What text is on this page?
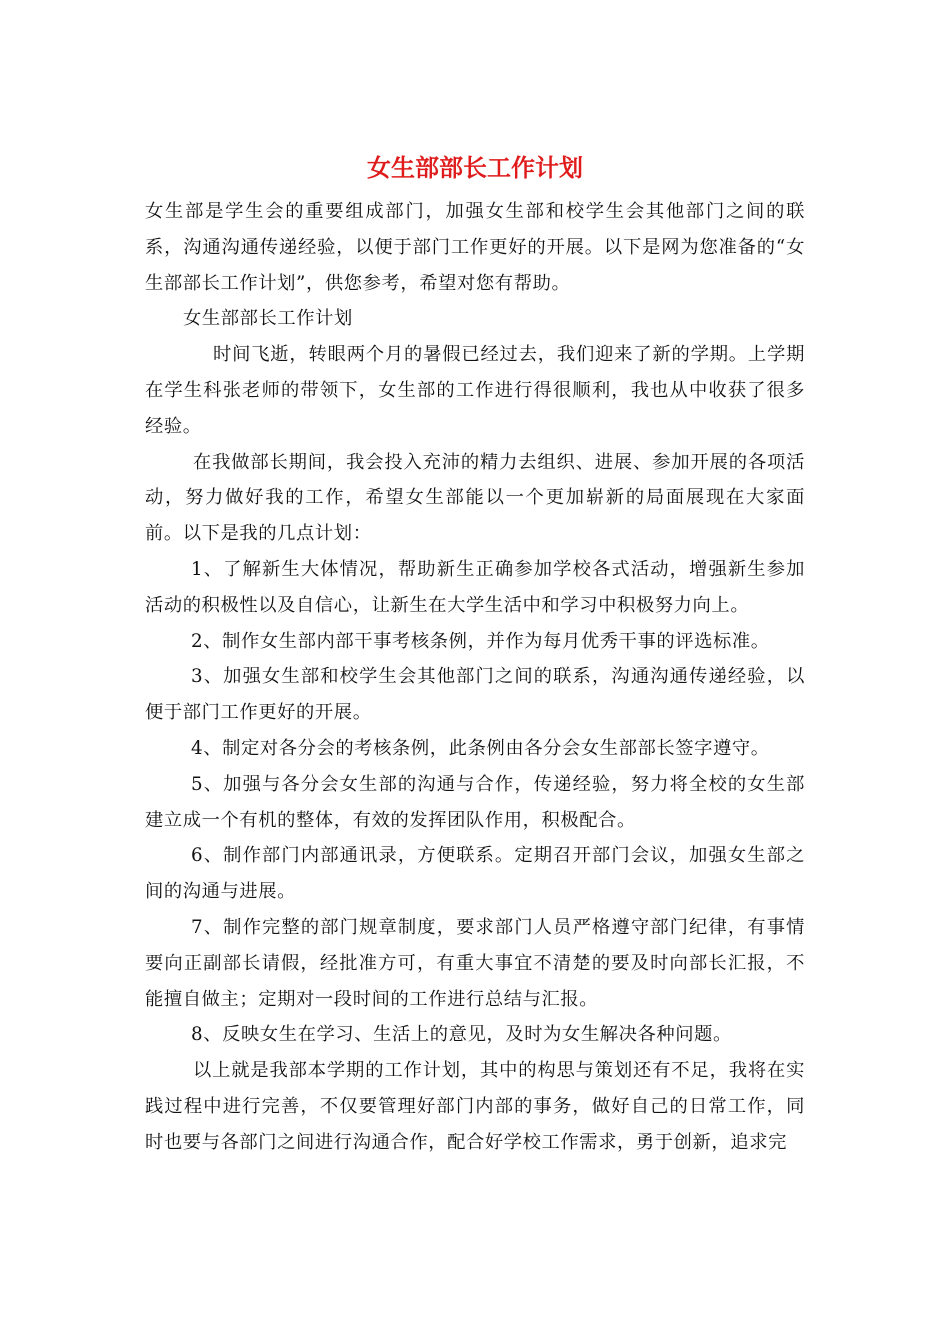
女生部部长工作计划

女生部是学生会的重要组成部门，加强女生部和校学生会其他部门之间的联系，沟通沟通传递经验，以便于部门工作更好的开展。以下是网为您准备的“女生部部长工作计划”，供您参考，希望对您有帮助。

女生部部长工作计划

时间飞逝，转眼两个月的暑假已经过去，我们迎来了新的学期。上学期在学生科张老师的带领下，女生部的工作进行得很顺利，我也从中收获了很多经验。

在我做部长期间，我会投入充沛的精力去组织、进展、参加开展的各项活动，努力做好我的工作，希望女生部能以一个更加崭新的局面展现在大家面前。以下是我的几点计划：

1、了解新生大体情况，帮助新生正确参加学校各式活动，增强新生参加活动的积极性以及自信心，让新生在大学生活中和学习中积极努力向上。

2、制作女生部内部干事考核条例，并作为每月优秀干事的评选标准。

3、加强女生部和校学生会其他部门之间的联系，沟通沟通传递经验，以便于部门工作更好的开展。

4、制定对各分会的考核条例，此条例由各分会女生部部长签字遵守。

5、加强与各分会女生部的沟通与合作，传递经验，努力将全校的女生部建立成一个有机的整体，有效的发挥团队作用，积极配合。

6、制作部门内部通讯录，方便联系。定期召开部门会议，加强女生部之间的沟通与进展。

7、制作完整的部门规章制度，要求部门人员严格遵守部门纪律，有事情要向正副部长请假，经批准方可，有重大事宜不清楚的要及时向部长汇报，不能擅自做主；定期对一段时间的工作进行总结与汇报。

8、反映女生在学习、生活上的意见，及时为女生解决各种问题。

以上就是我部本学期的工作计划，其中的构思与策划还有不足，我将在实践过程中进行完善，不仅要管理好部门内部的事务，做好自己的日常工作，同时也要与各部门之间进行沟通合作，配合好学校工作需求，勇于创新，追求完
